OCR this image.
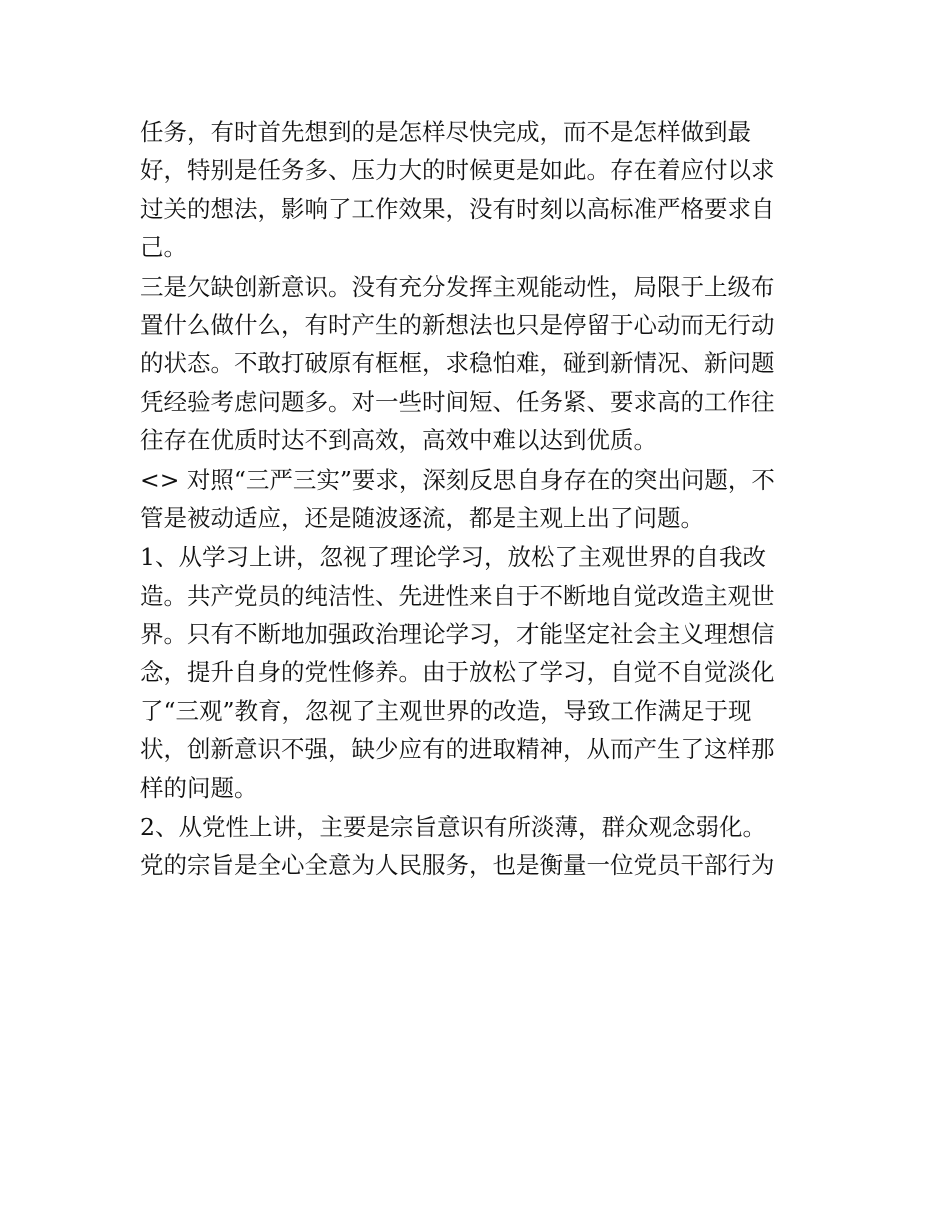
任务，有时首先想到的是怎样尽快完成，而不是怎样做到最
好，特别是任务多、压力大的时候更是如此。存在着应付以求
过关的想法，影响了工作效果，没有时刻以高标准严格要求自
己。
三是欠缺创新意识。没有充分发挥主观能动性，局限于上级布
置什么做什么，有时产生的新想法也只是停留于心动而无行动
的状态。不敢打破原有框框，求稳怕难，碰到新情况、新问题
凭经验考虑问题多。对一些时间短、任务紧、要求高的工作往
往存在优质时达不到高效，高效中难以达到优质。
<> 对照“三严三实”要求，深刻反思自身存在的突出问题，不
管是被动适应，还是随波逐流，都是主观上出了问题。
1、从学习上讲，忽视了理论学习，放松了主观世界的自我改
造。共产党员的纯洁性、先进性来自于不断地自觉改造主观世
界。只有不断地加强政治理论学习，才能坚定社会主义理想信
念，提升自身的党性修养。由于放松了学习，自觉不自觉淡化
了“三观”教育，忽视了主观世界的改造，导致工作满足于现
状，创新意识不强，缺少应有的进取精神，从而产生了这样那
样的问题。
2、从党性上讲，主要是宗旨意识有所淡薄，群众观念弱化。
党的宗旨是全心全意为人民服务，也是衡量一位党员干部行为
